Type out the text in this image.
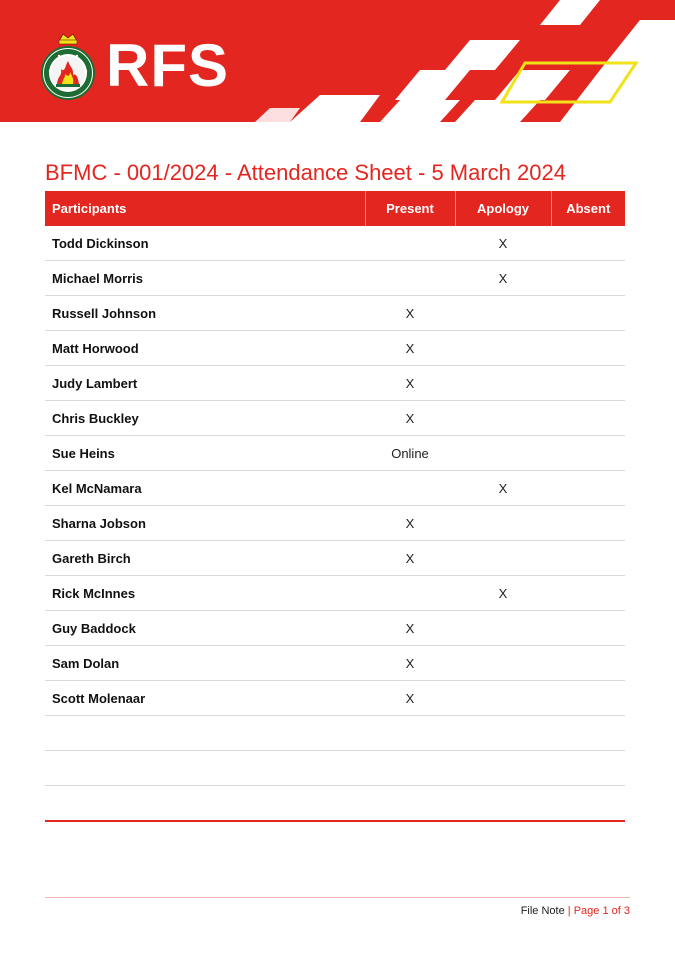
RFS
BFMC - 001/2024 - Attendance Sheet - 5 March 2024
Participants	Present	Apology	Absent
Todd Dickinson		X	
Michael Morris		X	
Russell Johnson	X		
Matt Horwood	X		
Judy Lambert	X		
Chris Buckley	X		
Sue Heins	Online		
Kel McNamara		X	
Sharna Jobson	X		
Gareth Birch	X		
Rick McInnes		X	
Guy Baddock	X		
Sam Dolan	X		
Scott Molenaar	X		

File Note | Page 1 of 3
